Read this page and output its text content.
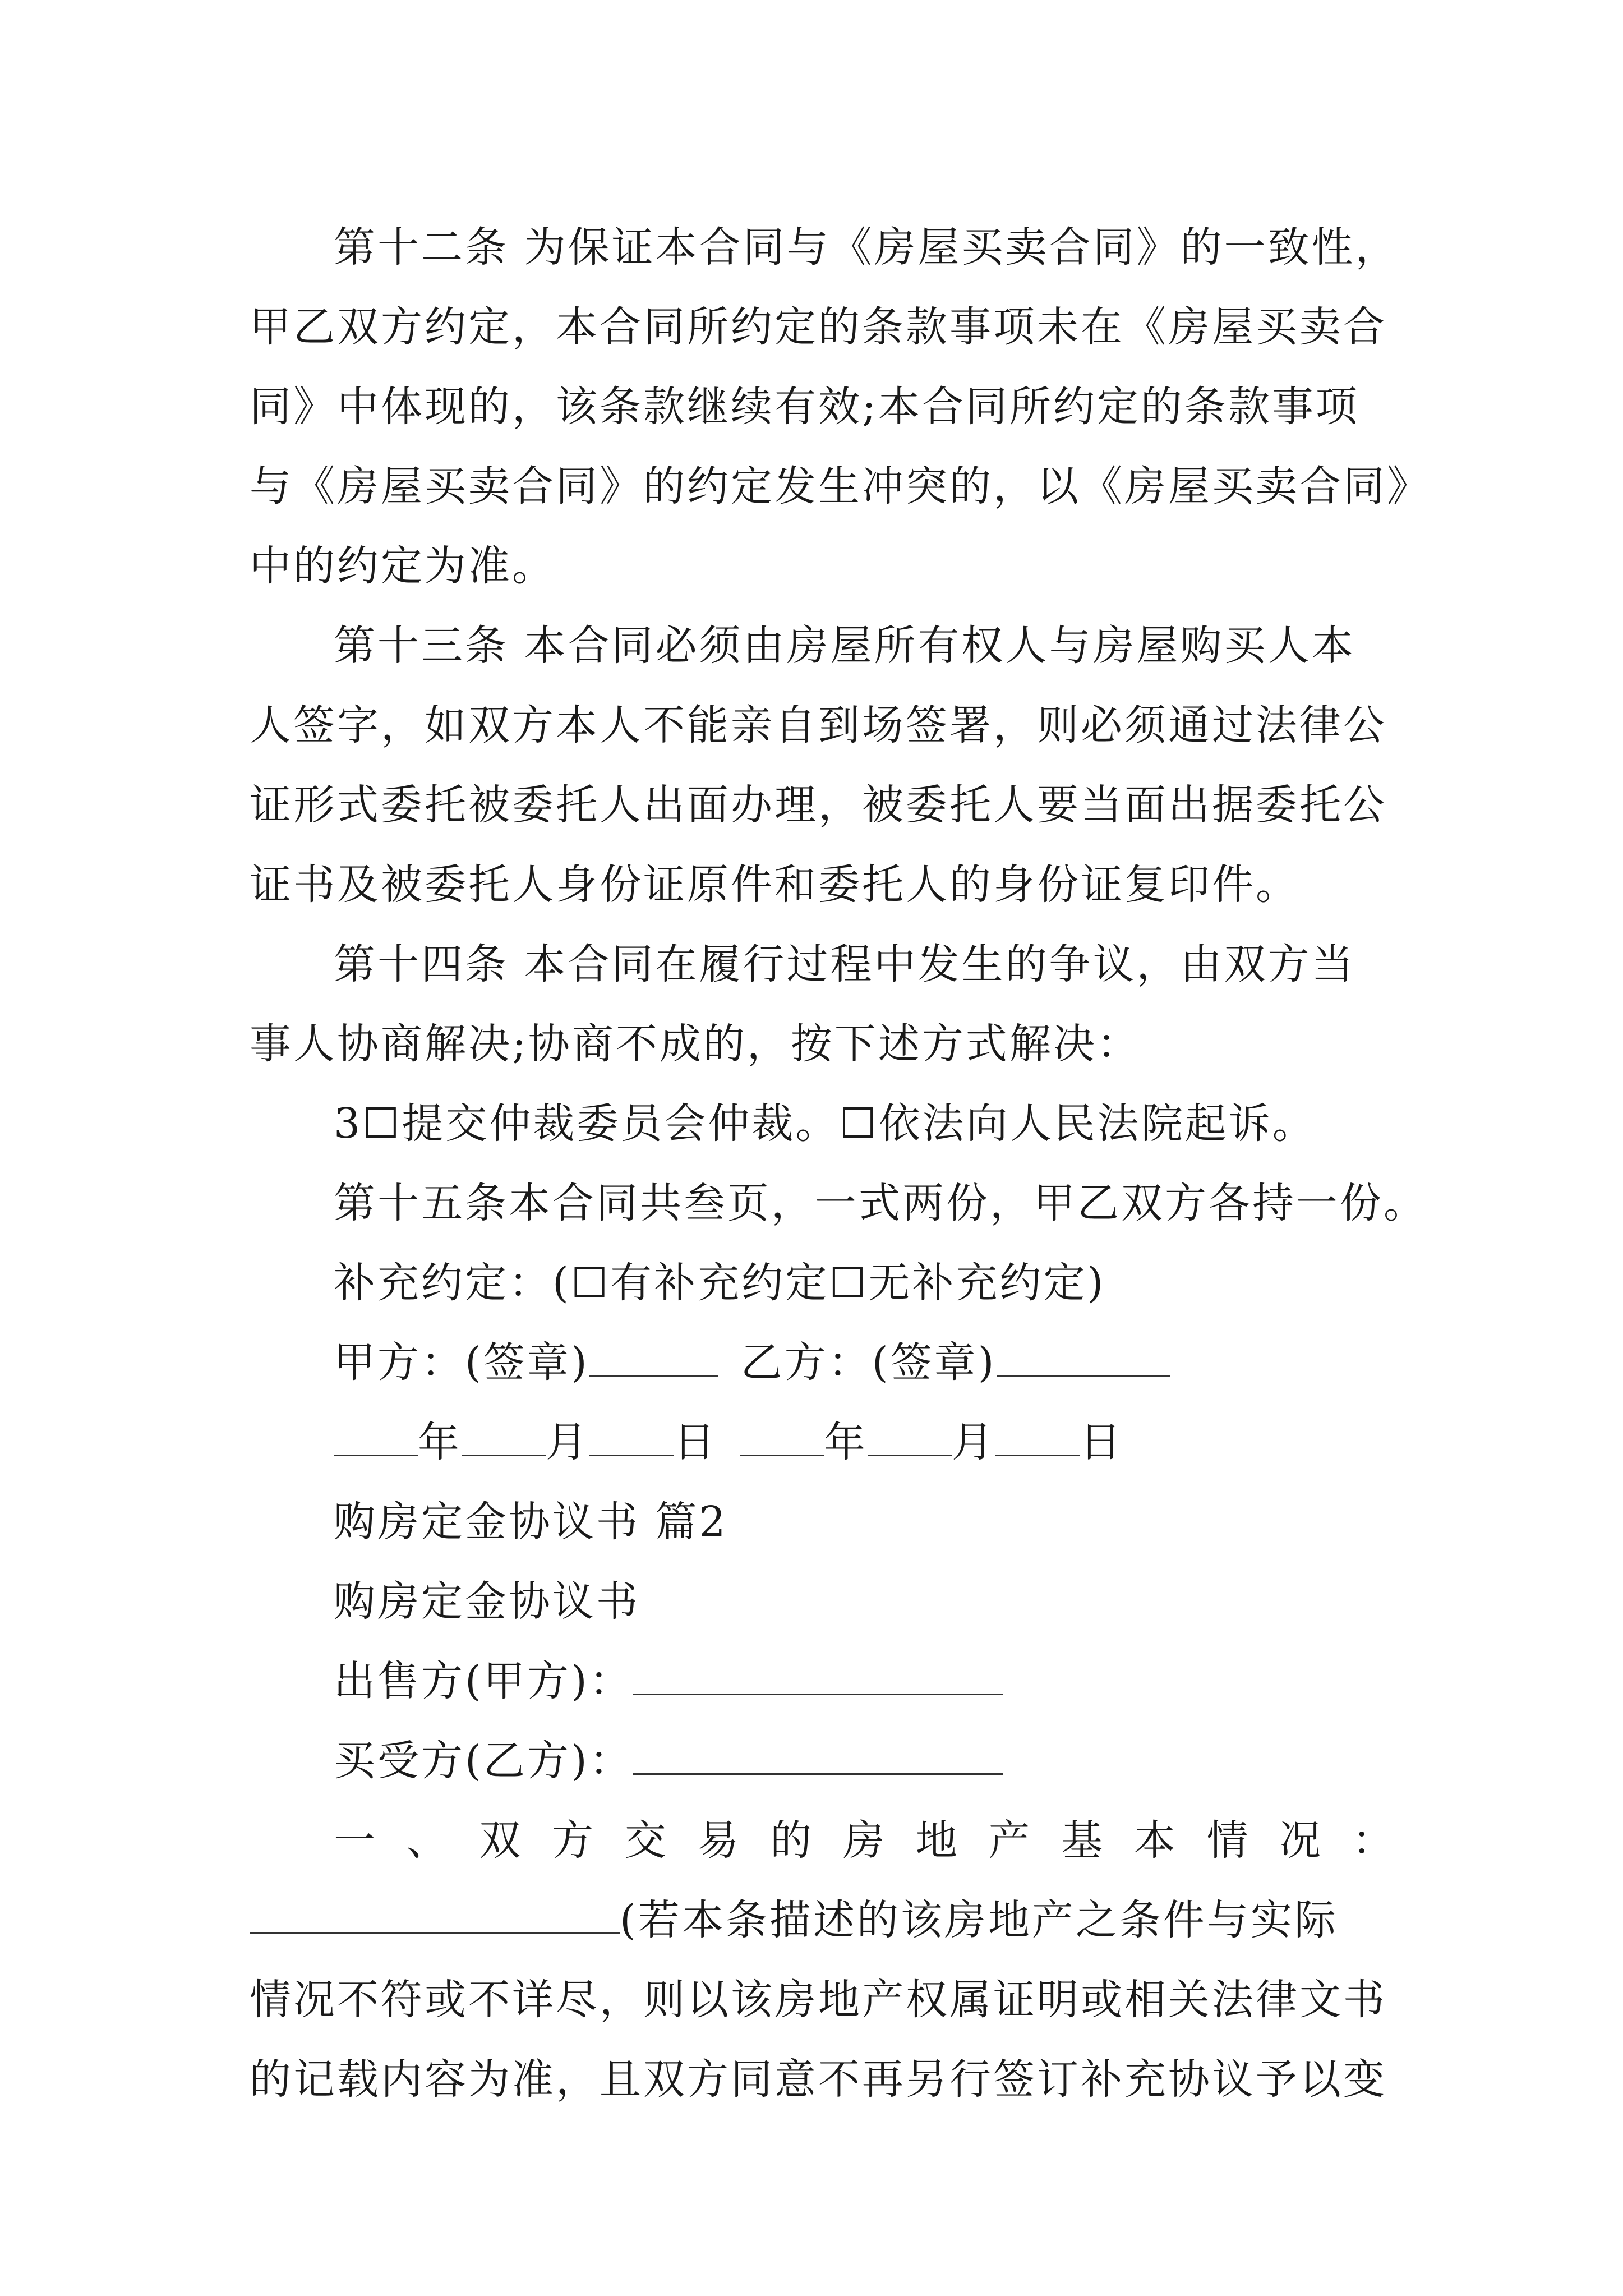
第十二条 为保证本合同与《房屋买卖合同》的一致性，
甲乙双方约定，本合同所约定的条款事项未在《房屋买卖合
同》中体现的，该条款继续有效;本合同所约定的条款事项
与《房屋买卖合同》的约定发生冲突的，以《房屋买卖合同》
中的约定为准。
第十三条 本合同必须由房屋所有权人与房屋购买人本
人签字，如双方本人不能亲自到场签署，则必须通过法律公
证形式委托被委托人出面办理，被委托人要当面出据委托公
证书及被委托人身份证原件和委托人的身份证复印件。
第十四条 本合同在履行过程中发生的争议，由双方当
事人协商解决;协商不成的，按下述方式解决：
3☐提交仲裁委员会仲裁。☐依法向人民法院起诉。
第十五条本合同共叁页，一式两份，甲乙双方各持一份。
补充约定：(☐有补充约定☐无补充约定)
甲方：(签章)	乙方：(签章)
年 月 日	年 月 日
购房定金协议书 篇2
购房定金协议书
出售方(甲方)：
买受方(乙方)：
一、双方交易的房地产基本情况：
(若本条描述的该房地产之条件与实际
情况不符或不详尽，则以该房地产权属证明或相关法律文书
的记载内容为准，且双方同意不再另行签订补充协议予以变
